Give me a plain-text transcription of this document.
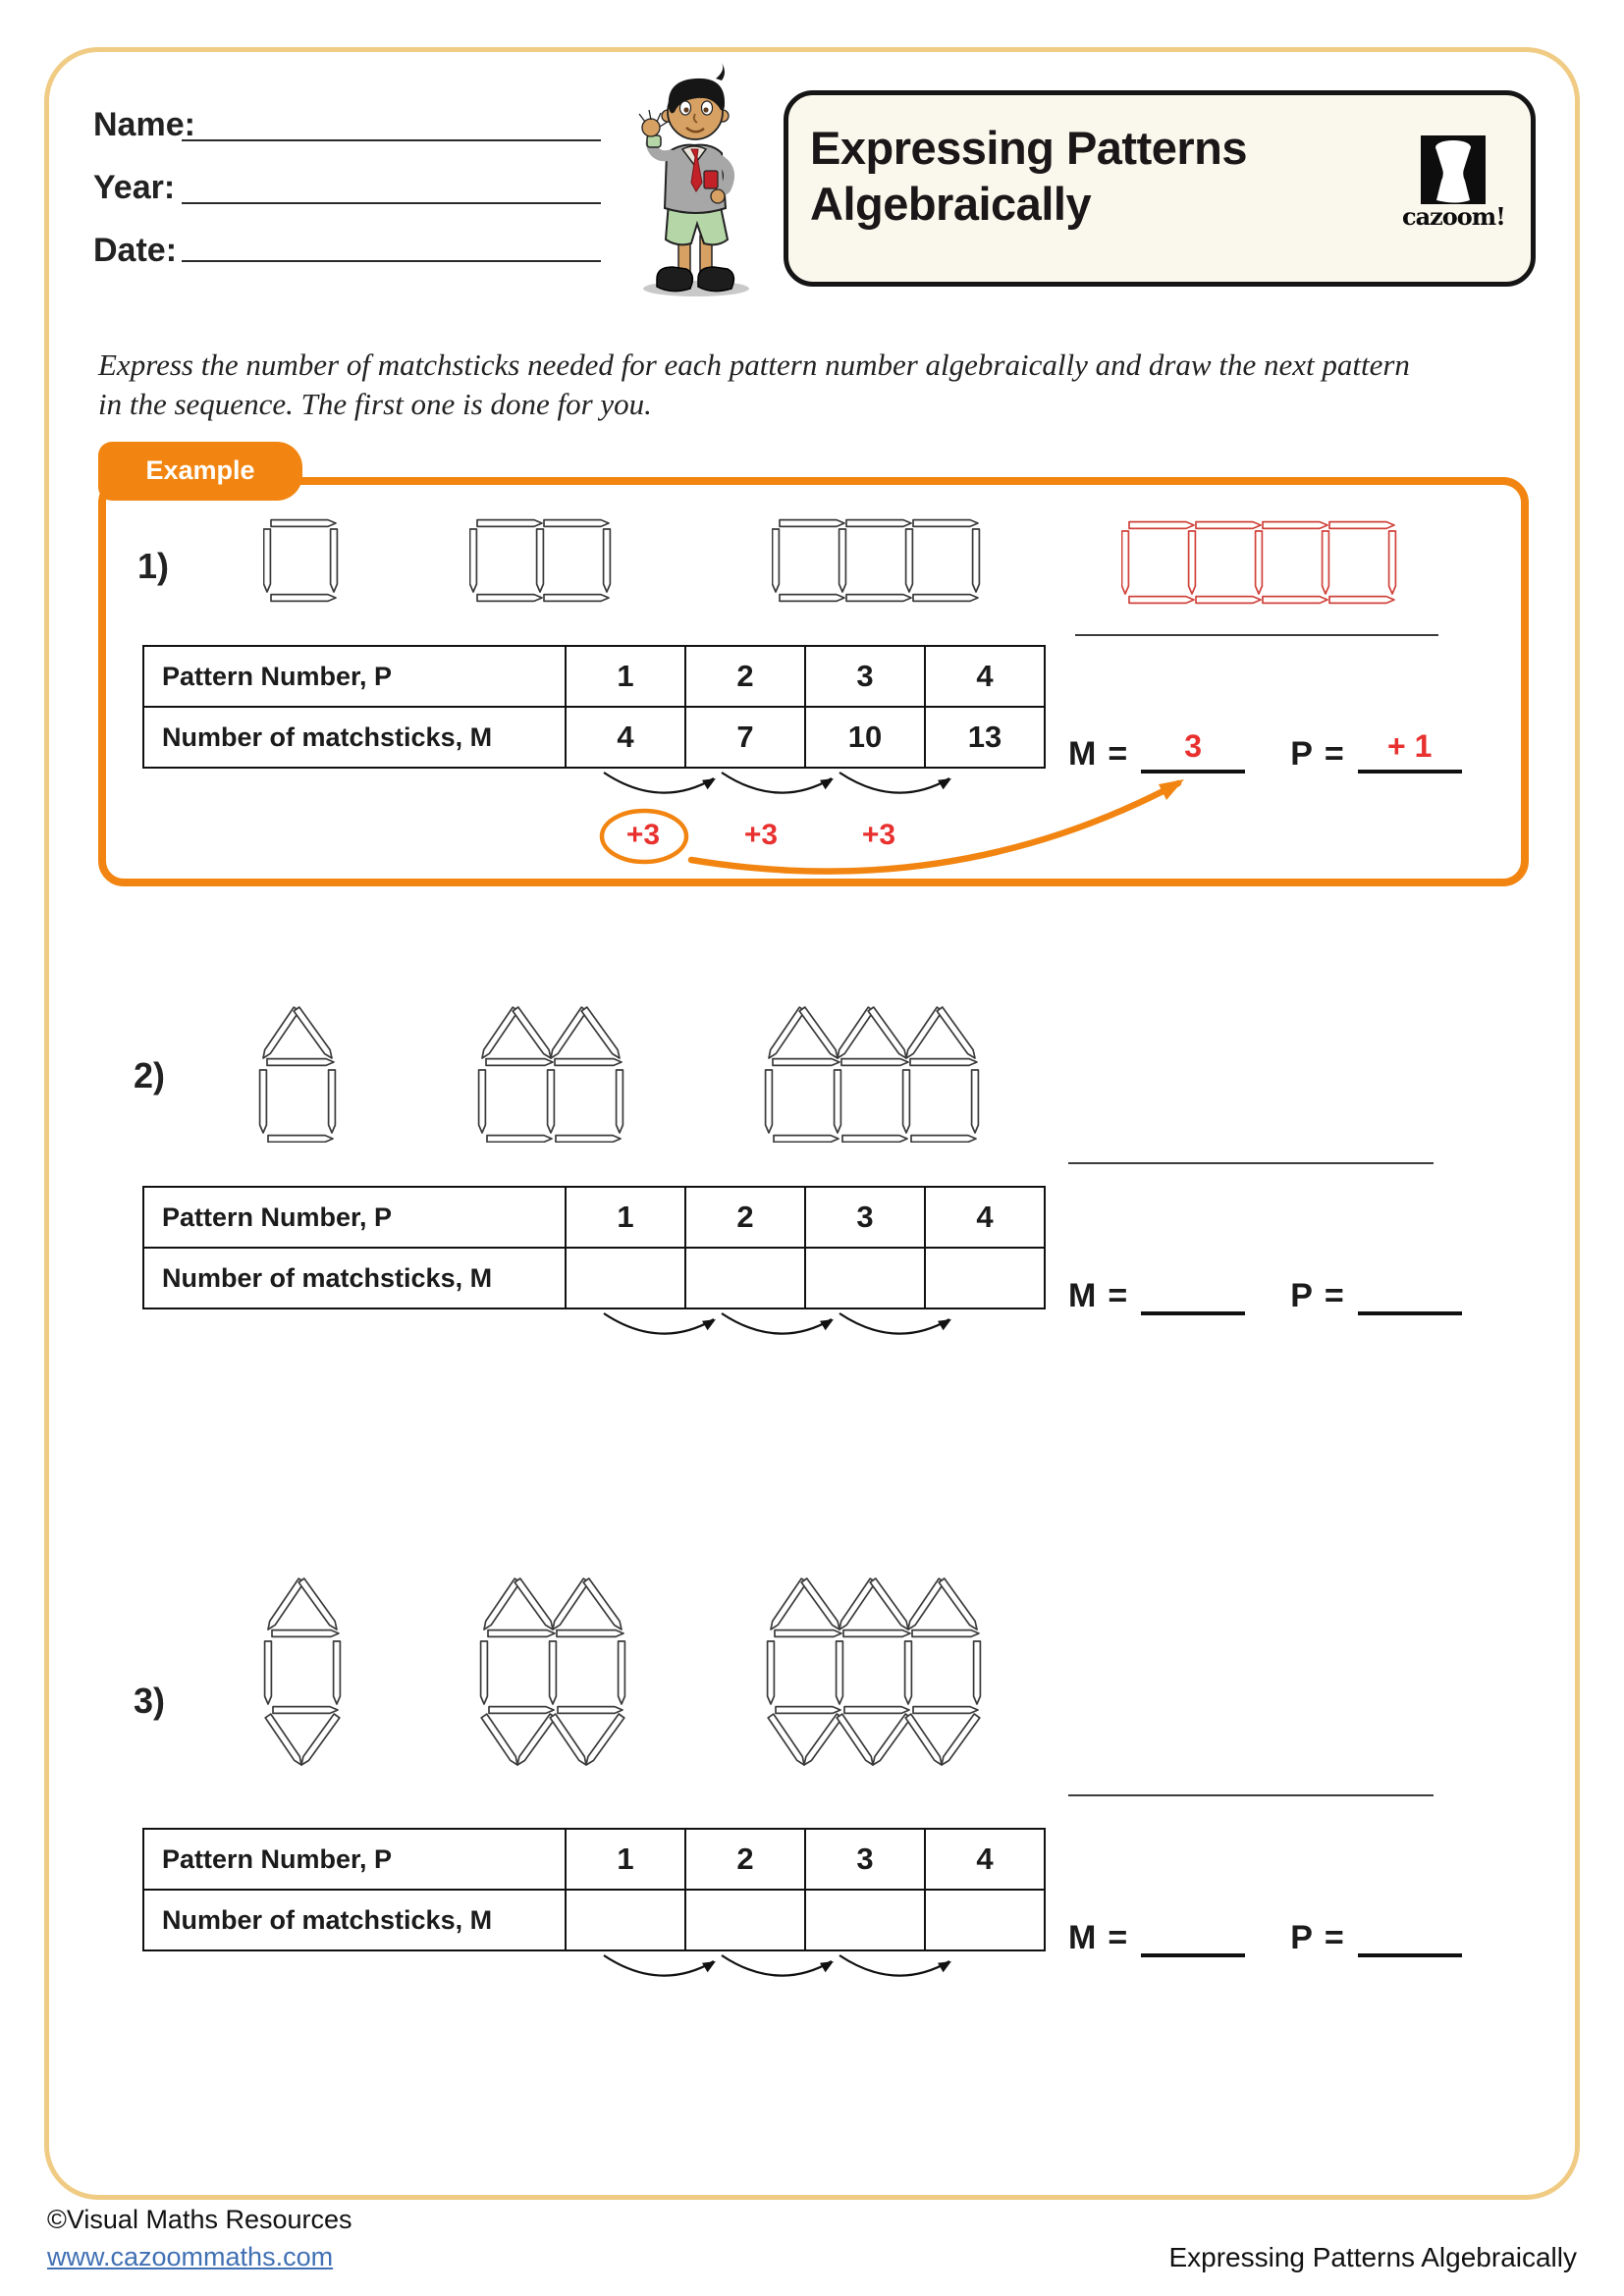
Name:
Year:
Date:
Expressing Patterns
Algebraically	cazoom!
Express the number of matchsticks needed for each pattern number algebraically and draw the next pattern
in the sequence. The first one is done for you.
Example
1)
Pattern Number, P	1	2	3	4
Number of matchsticks, M	4	7	10	13
+3	+3	+3
M =	3	P =	+ 1
2)
Pattern Number, P	1	2	3	4
Number of matchsticks, M					M =	P =
3)
Pattern Number, P	1	2	3	4
Number of matchsticks, M					M =	P =
©Visual Maths Resources
www.cazoommaths.com	Expressing Patterns Algebraically
